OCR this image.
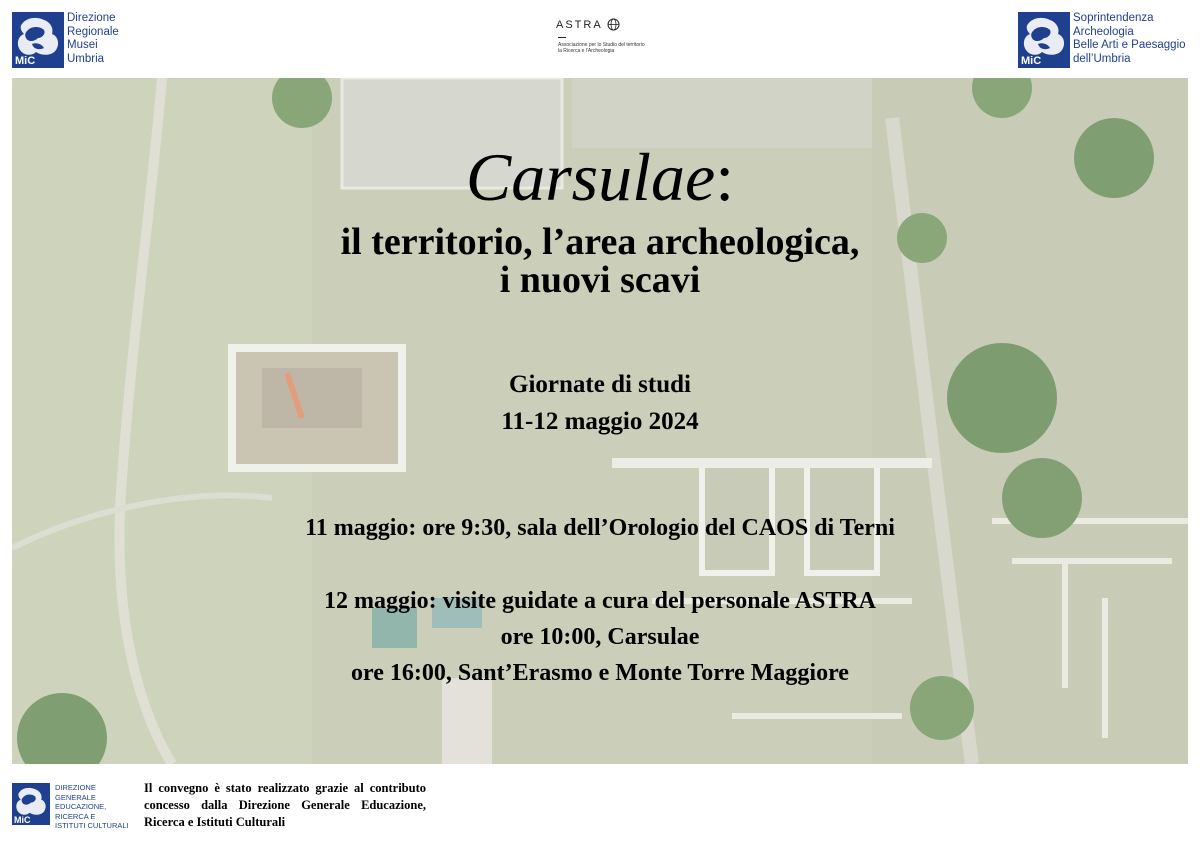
MiC
Direzione
Regionale
Musei
Umbria
ASTRA
Associazione per lo Studio del territorio
la Ricerca e l'Archeologia
MiC
Soprintendenza
Archeologia
Belle Arti e Paesaggio
dell’Umbria
Carsulae:
il territorio, l’area archeologica,
i nuovi scavi
Giornate di studi
11-12 maggio 2024
11 maggio: ore 9:30, sala dell’Orologio del CAOS di Terni
12 maggio: visite guidate a cura del personale ASTRA
ore 10:00, Carsulae
ore 16:00, Sant’Erasmo e Monte Torre Maggiore
MiC
DIREZIONE GENERALE
EDUCAZIONE,
RICERCA E
ISTITUTI CULTURALI
Il convegno è stato realizzato grazie al contributo concesso dalla Direzione Generale Educazione, Ricerca e Istituti Culturali
